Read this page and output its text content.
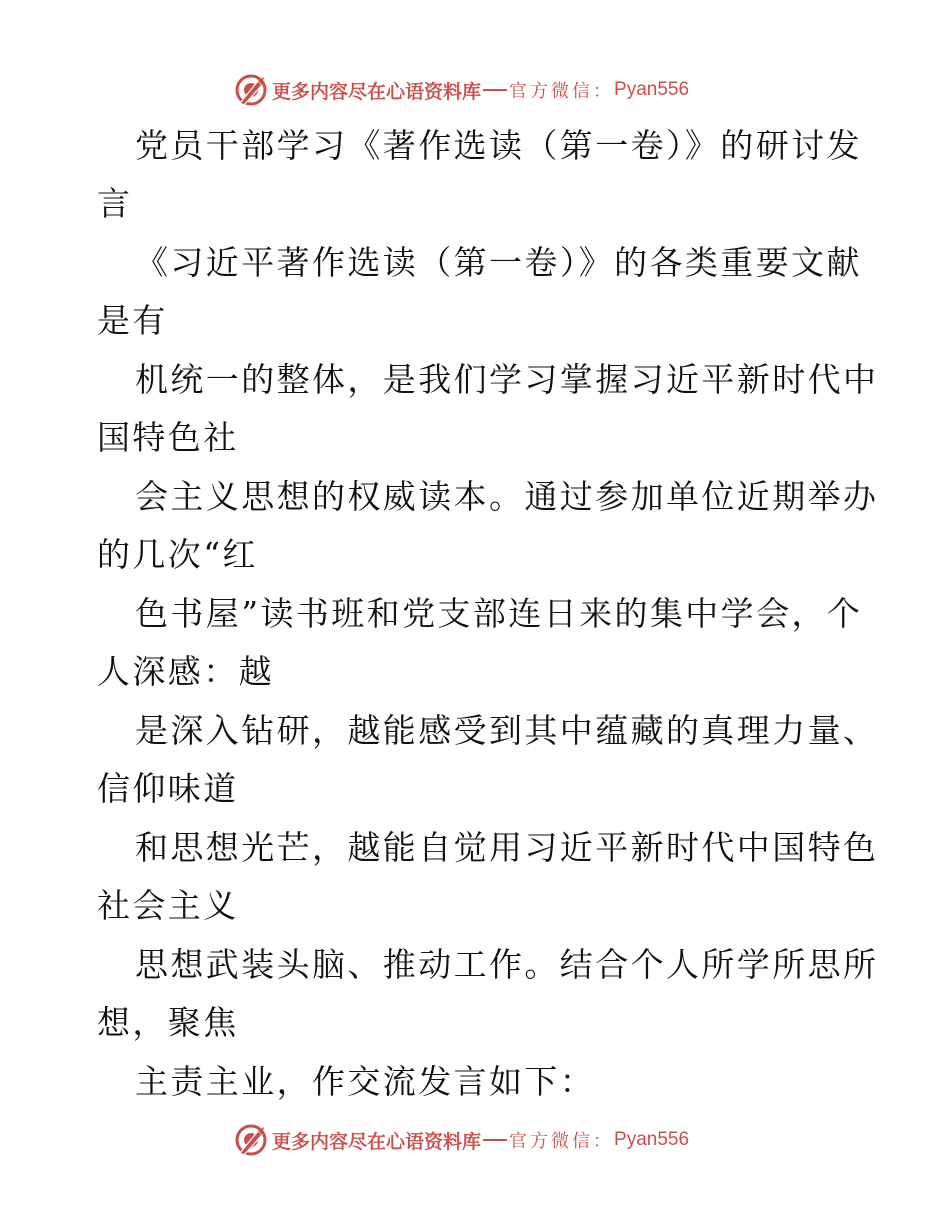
更多内容尽在心语资料库 官方微信： Pyan556
党员干部学习《著作选读（第一卷）》的研讨发
言
《习近平著作选读（第一卷）》的各类重要文献
是有
机统一的整体，是我们学习掌握习近平新时代中
国特色社
会主义思想的权威读本。通过参加单位近期举办
的几次“红
色书屋”读书班和党支部连日来的集中学会，个
人深感：越
是深入钻研，越能感受到其中蕴藏的真理力量、
信仰味道
和思想光芒，越能自觉用习近平新时代中国特色
社会主义
思想武装头脑、推动工作。结合个人所学所思所
想，聚焦
主责主业，作交流发言如下：
更多内容尽在心语资料库 官方微信： Pyan556
